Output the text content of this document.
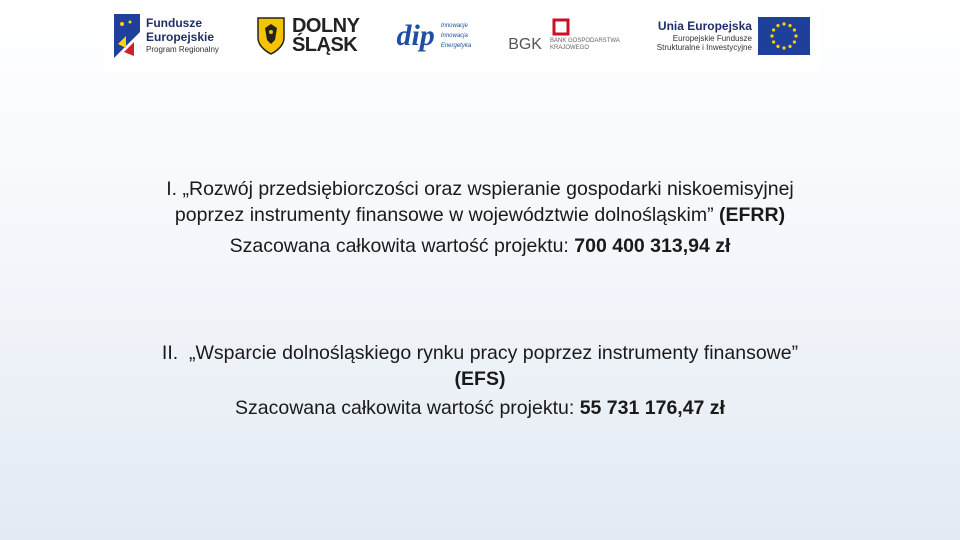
Fundusze
Europejskie
Program Regionalny
DOLNY
ŚLĄSK dip Innowacje
Innowacja
Energetyka BGK BANK GOSPODARSTWA
KRAJOWEGO
Unia Europejska
Europejskie Fundusze
Strukturalne i Inwestycyjne
I. „Rozwój przedsiębiorczości oraz wspieranie gospodarki niskoemisyjnej
poprzez instrumenty finansowe w województwie dolnośląskim” (EFRR)
Szacowana całkowita wartość projektu: 700 400 313,94 zł
II.  „Wsparcie dolnośląskiego rynku pracy poprzez instrumenty finansowe”
(EFS)
Szacowana całkowita wartość projektu: 55 731 176,47 zł
